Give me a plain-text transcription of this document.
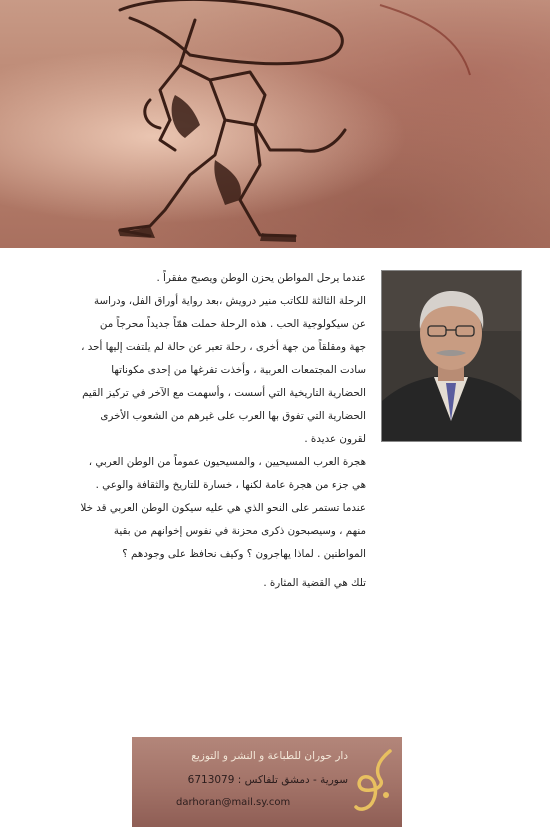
عندما يرحل المواطن يحزن الوطن ويصبح مفقراً .

الرحلة الثالثة للكاتب منير درويش ،بعد رواية أوراق الفل، ودراسة

عن سيكولوجية الحب . هذه الرحلة حملت همّاً جديداً محرجاً من

جهة ومقلقاً من جهة أخرى ، رحلة تعبر عن حالة لم يلتفت إليها أحد ،

سادت المجتمعات العربية ، وأخذت تفرغها من إحدى مكوناتها

الحضارية التاريخية التي أسست ، وأسهمت مع الآخر في تركيز القيم

الحضارية التي تفوق بها العرب على غيرهم من الشعوب الأخرى

لقرون عديدة .

هجرة العرب المسيحيين ، والمسيحيون عموماً من الوطن العربي ،

هي جزء من هجرة عامة لكنها ، خسارة للتاريخ والثقافة والوعي .

عندما تستمر على النحو الذي هي عليه سيكون الوطن العربي قد خلا

منهم ، وسيصبحون ذكرى محزنة في نفوس إخوانهم من بقية

المواطنين . لماذا يهاجرون ؟ وكيف نحافظ على وجودهم ؟

تلك هي القضية المثارة .

دار حوران للطباعة و النشر و التوزيع
سورية - دمشق تلفاكس : 6713079
darhoran@mail.sy.com
